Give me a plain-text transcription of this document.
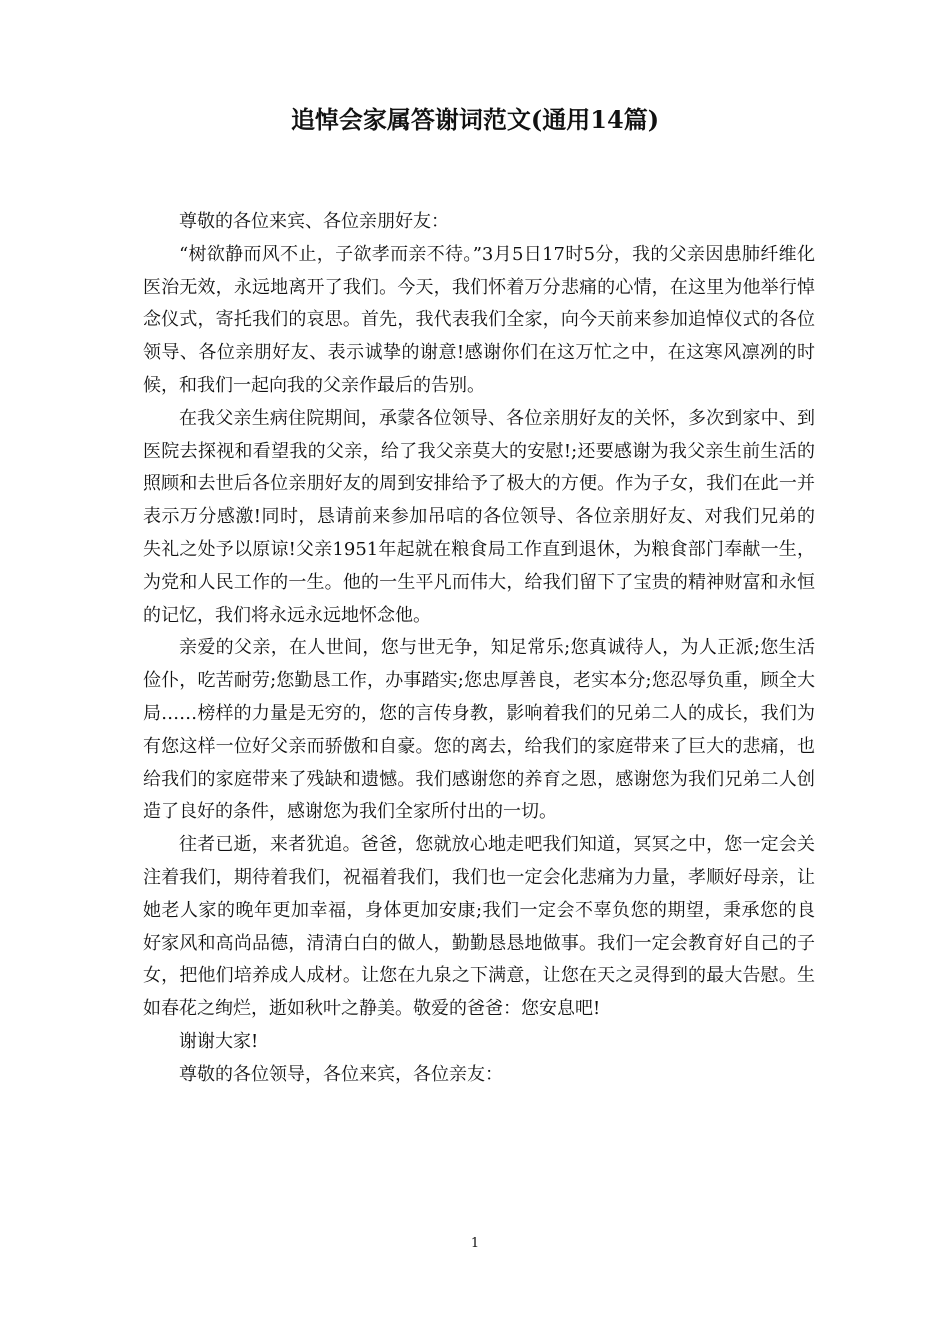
追悼会家属答谢词范文(通用14篇)

尊敬的各位来宾、各位亲朋好友：

“树欲静而风不止，子欲孝而亲不待。”3月5日17时5分，我的父亲因患肺纤维化医治无效，永远地离开了我们。今天，我们怀着万分悲痛的心情，在这里为他举行悼念仪式，寄托我们的哀思。首先，我代表我们全家，向今天前来参加追悼仪式的各位领导、各位亲朋好友、表示诚挚的谢意!感谢你们在这万忙之中，在这寒风凛冽的时候，和我们一起向我的父亲作最后的告别。

在我父亲生病住院期间，承蒙各位领导、各位亲朋好友的关怀，多次到家中、到医院去探视和看望我的父亲，给了我父亲莫大的安慰!;还要感谢为我父亲生前生活的照顾和去世后各位亲朋好友的周到安排给予了极大的方便。作为子女，我们在此一并表示万分感激!同时，恳请前来参加吊唁的各位领导、各位亲朋好友、对我们兄弟的失礼之处予以原谅!父亲1951年起就在粮食局工作直到退休，为粮食部门奉献一生，为党和人民工作的一生。他的一生平凡而伟大，给我们留下了宝贵的精神财富和永恒的记忆，我们将永远永远地怀念他。

亲爱的父亲，在人世间，您与世无争，知足常乐;您真诚待人，为人正派;您生活俭仆，吃苦耐劳;您勤恳工作，办事踏实;您忠厚善良，老实本分;您忍辱负重，顾全大局……榜样的力量是无穷的，您的言传身教，影响着我们的兄弟二人的成长，我们为有您这样一位好父亲而骄傲和自豪。您的离去，给我们的家庭带来了巨大的悲痛，也给我们的家庭带来了残缺和遗憾。我们感谢您的养育之恩，感谢您为我们兄弟二人创造了良好的条件，感谢您为我们全家所付出的一切。

往者已逝，来者犹追。爸爸，您就放心地走吧我们知道，冥冥之中，您一定会关注着我们，期待着我们，祝福着我们，我们也一定会化悲痛为力量，孝顺好母亲，让她老人家的晚年更加幸福，身体更加安康;我们一定会不辜负您的期望，秉承您的良好家风和高尚品德，清清白白的做人，勤勤恳恳地做事。我们一定会教育好自己的子女，把他们培养成人成材。让您在九泉之下满意，让您在天之灵得到的最大告慰。生如春花之绚烂，逝如秋叶之静美。敬爱的爸爸：您安息吧!

谢谢大家!

尊敬的各位领导，各位来宾，各位亲友：

1
